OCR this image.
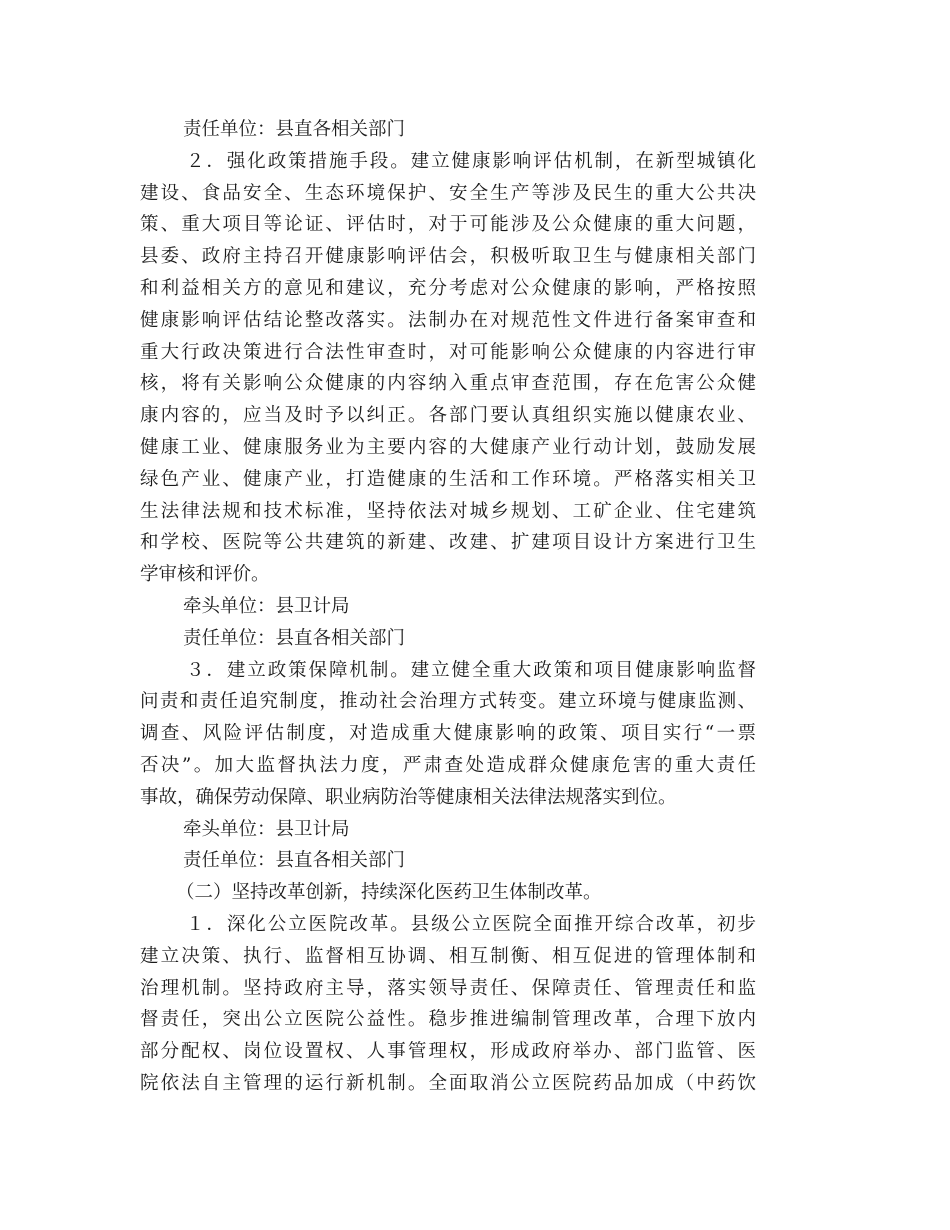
责任单位：县直各相关部门
２．强化政策措施手段。建立健康影响评估机制，在新型城镇化
建设、食品安全、生态环境保护、安全生产等涉及民生的重大公共决
策、重大项目等论证、评估时，对于可能涉及公众健康的重大问题，
县委、政府主持召开健康影响评估会，积极听取卫生与健康相关部门
和利益相关方的意见和建议，充分考虑对公众健康的影响，严格按照
健康影响评估结论整改落实。法制办在对规范性文件进行备案审查和
重大行政决策进行合法性审查时，对可能影响公众健康的内容进行审
核，将有关影响公众健康的内容纳入重点审查范围，存在危害公众健
康内容的，应当及时予以纠正。各部门要认真组织实施以健康农业、
健康工业、健康服务业为主要内容的大健康产业行动计划，鼓励发展
绿色产业、健康产业，打造健康的生活和工作环境。严格落实相关卫
生法律法规和技术标准，坚持依法对城乡规划、工矿企业、住宅建筑
和学校、医院等公共建筑的新建、改建、扩建项目设计方案进行卫生
学审核和评价。
牵头单位：县卫计局
责任单位：县直各相关部门
３．建立政策保障机制。建立健全重大政策和项目健康影响监督
问责和责任追究制度，推动社会治理方式转变。建立环境与健康监测、
调查、风险评估制度，对造成重大健康影响的政策、项目实行“一票
否决”。加大监督执法力度，严肃查处造成群众健康危害的重大责任
事故，确保劳动保障、职业病防治等健康相关法律法规落实到位。
牵头单位：县卫计局
责任单位：县直各相关部门
（二）坚持改革创新，持续深化医药卫生体制改革。
１．深化公立医院改革。县级公立医院全面推开综合改革，初步
建立决策、执行、监督相互协调、相互制衡、相互促进的管理体制和
治理机制。坚持政府主导，落实领导责任、保障责任、管理责任和监
督责任，突出公立医院公益性。稳步推进编制管理改革，合理下放内
部分配权、岗位设置权、人事管理权，形成政府举办、部门监管、医
院依法自主管理的运行新机制。全面取消公立医院药品加成（中药饮
